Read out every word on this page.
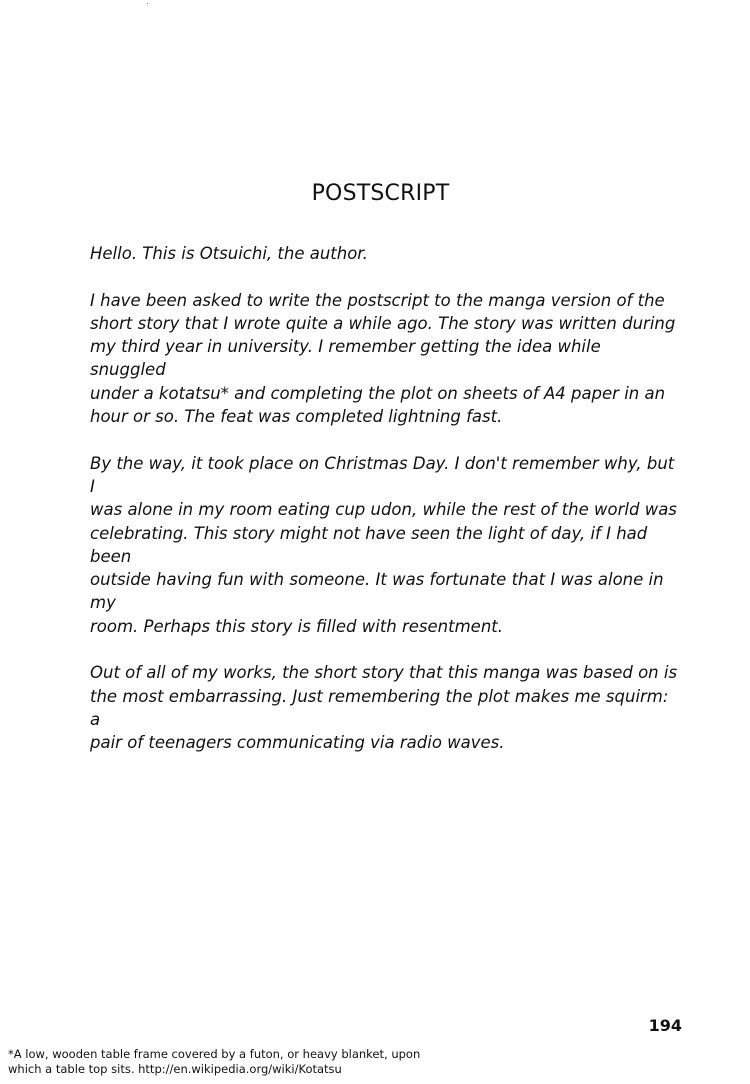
POSTSCRIPT

Hello. This is Otsuichi, the author.

I have been asked to write the postscript to the manga version of the
short story that I wrote quite a while ago. The story was written during
my third year in university. I remember getting the idea while snuggled
under a kotatsu* and completing the plot on sheets of A4 paper in an
hour or so. The feat was completed lightning fast.

By the way, it took place on Christmas Day. I don't remember why, but I
was alone in my room eating cup udon, while the rest of the world was
celebrating. This story might not have seen the light of day, if I had been
outside having fun with someone. It was fortunate that I was alone in my
room. Perhaps this story is filled with resentment.

Out of all of my works, the short story that this manga was based on is
the most embarrassing. Just remembering the plot makes me squirm: a
pair of teenagers communicating via radio waves.

194
*A low, wooden table frame covered by a futon, or heavy blanket, upon
which a table top sits. http://en.wikipedia.org/wiki/Kotatsu
